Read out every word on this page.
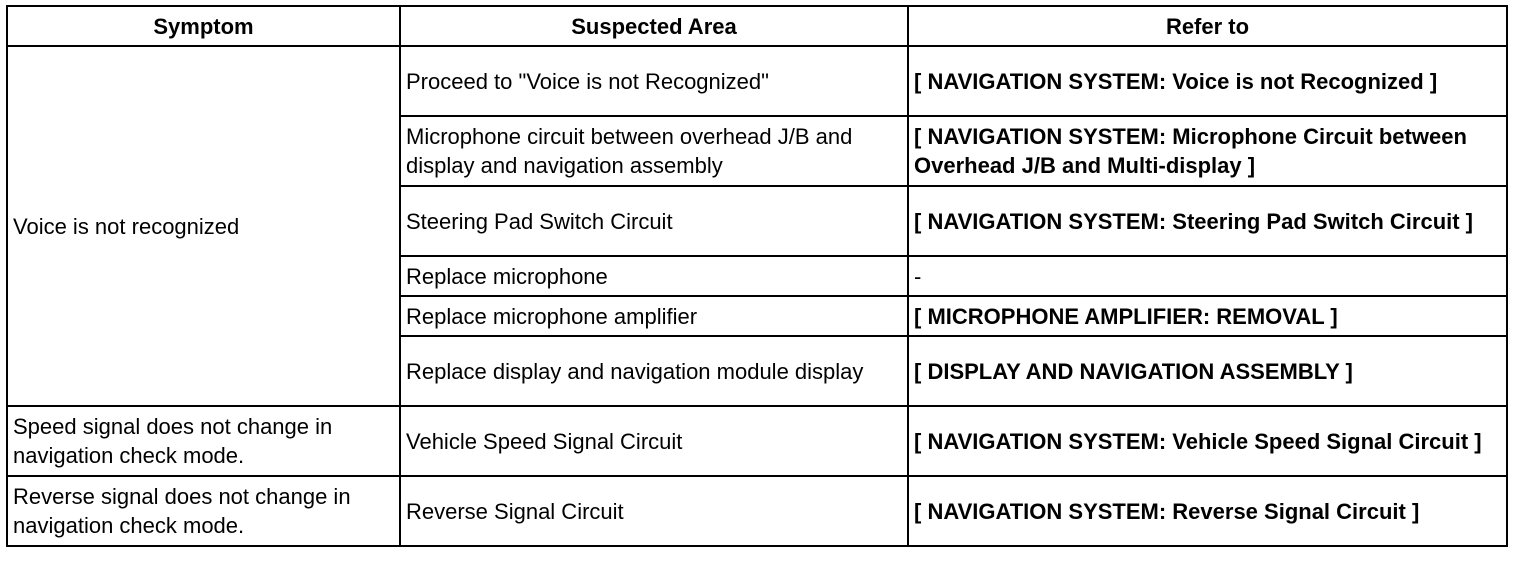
Symptom	Suspected Area	Refer to
Voice is not recognized	Proceed to "Voice is not Recognized"	[ NAVIGATION SYSTEM: Voice is not Recognized ]
	Microphone circuit between overhead J/B and display and navigation assembly	[ NAVIGATION SYSTEM: Microphone Circuit between Overhead J/B and Multi-display ]
	Steering Pad Switch Circuit	[ NAVIGATION SYSTEM: Steering Pad Switch Circuit ]
	Replace microphone	-
	Replace microphone amplifier	[ MICROPHONE AMPLIFIER: REMOVAL ]
	Replace display and navigation module display	[ DISPLAY AND NAVIGATION ASSEMBLY ]
Speed signal does not change in navigation check mode.	Vehicle Speed Signal Circuit	[ NAVIGATION SYSTEM: Vehicle Speed Signal Circuit ]
Reverse signal does not change in navigation check mode.	Reverse Signal Circuit	[ NAVIGATION SYSTEM: Reverse Signal Circuit ]
